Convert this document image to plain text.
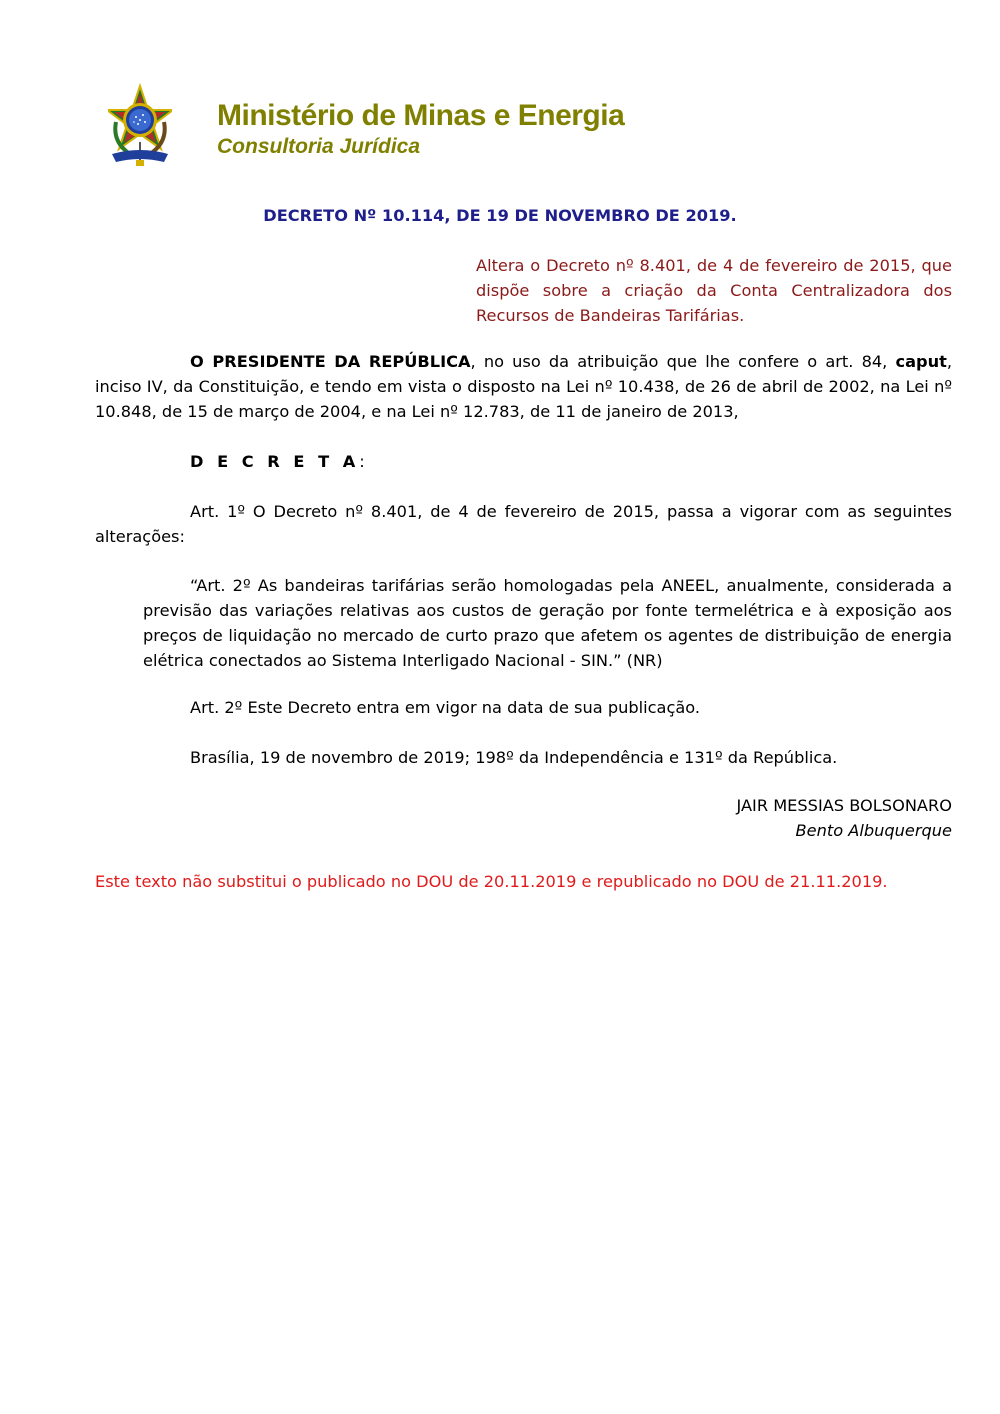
Ministério de Minas e Energia
Consultoria Jurídica
DECRETO Nº 10.114, DE 19 DE NOVEMBRO DE 2019.
Altera o Decreto nº 8.401, de 4 de fevereiro de 2015, que dispõe sobre a criação da Conta Centralizadora dos Recursos de Bandeiras Tarifárias.
O PRESIDENTE DA REPÚBLICA, no uso da atribuição que lhe confere o art. 84, caput, inciso IV, da Constituição, e tendo em vista o disposto na Lei nº 10.438, de 26 de abril de 2002, na Lei nº 10.848, de 15 de março de 2004, e na Lei nº 12.783, de 11 de janeiro de 2013,
D E C R E T A:
Art. 1º O Decreto nº 8.401, de 4 de fevereiro de 2015, passa a vigorar com as seguintes alterações:
“Art. 2º As bandeiras tarifárias serão homologadas pela ANEEL, anualmente, considerada a previsão das variações relativas aos custos de geração por fonte termelétrica e à exposição aos preços de liquidação no mercado de curto prazo que afetem os agentes de distribuição de energia elétrica conectados ao Sistema Interligado Nacional - SIN.” (NR)
Art. 2º Este Decreto entra em vigor na data de sua publicação.
Brasília, 19 de novembro de 2019; 198º da Independência e 131º da República.
JAIR MESSIAS BOLSONARO
Bento Albuquerque
Este texto não substitui o publicado no DOU de 20.11.2019 e republicado no DOU de 21.11.2019.
